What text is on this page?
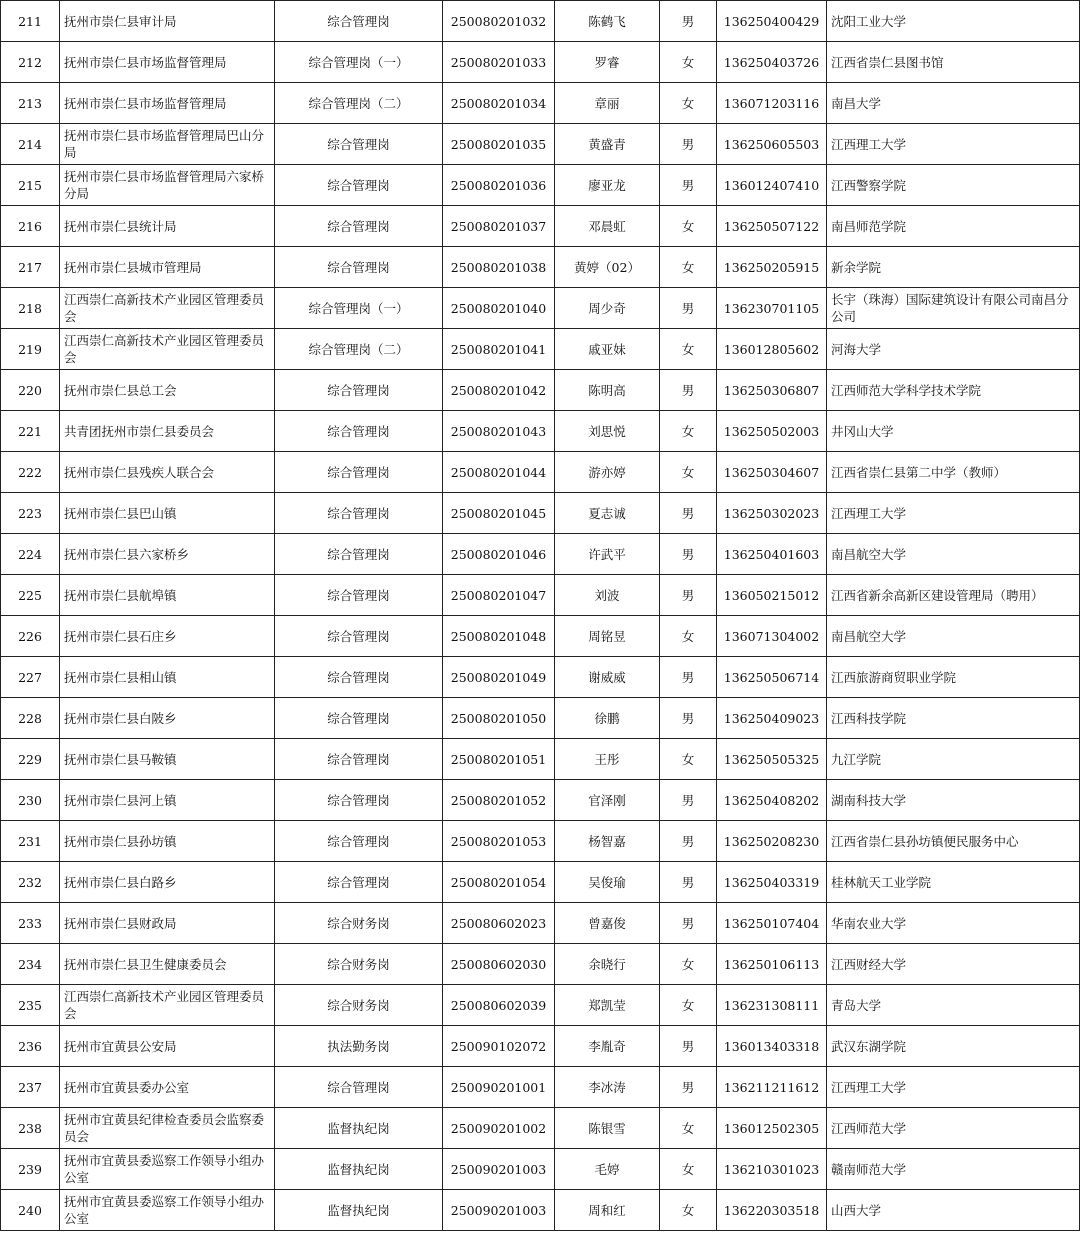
211	抚州市崇仁县审计局	综合管理岗	250080201032	陈鹤飞	男	136250400429	沈阳工业大学
212	抚州市崇仁县市场监督管理局	综合管理岗（一）	250080201033	罗睿	女	136250403726	江西省崇仁县图书馆
213	抚州市崇仁县市场监督管理局	综合管理岗（二）	250080201034	章丽	女	136071203116	南昌大学
214	抚州市崇仁县市场监督管理局巴山分局	综合管理岗	250080201035	黄盛青	男	136250605503	江西理工大学
215	抚州市崇仁县市场监督管理局六家桥分局	综合管理岗	250080201036	廖亚龙	男	136012407410	江西警察学院
216	抚州市崇仁县统计局	综合管理岗	250080201037	邓晨虹	女	136250507122	南昌师范学院
217	抚州市崇仁县城市管理局	综合管理岗	250080201038	黄婷（02）	女	136250205915	新余学院
218	江西崇仁高新技术产业园区管理委员会	综合管理岗（一）	250080201040	周少奇	男	136230701105	长宇（珠海）国际建筑设计有限公司南昌分公司
219	江西崇仁高新技术产业园区管理委员会	综合管理岗（二）	250080201041	戚亚妹	女	136012805602	河海大学
220	抚州市崇仁县总工会	综合管理岗	250080201042	陈明高	男	136250306807	江西师范大学科学技术学院
221	共青团抚州市崇仁县委员会	综合管理岗	250080201043	刘思悦	女	136250502003	井冈山大学
222	抚州市崇仁县残疾人联合会	综合管理岗	250080201044	游亦婷	女	136250304607	江西省崇仁县第二中学（教师）
223	抚州市崇仁县巴山镇	综合管理岗	250080201045	夏志诚	男	136250302023	江西理工大学
224	抚州市崇仁县六家桥乡	综合管理岗	250080201046	许武平	男	136250401603	南昌航空大学
225	抚州市崇仁县航埠镇	综合管理岗	250080201047	刘波	男	136050215012	江西省新余高新区建设管理局（聘用）
226	抚州市崇仁县石庄乡	综合管理岗	250080201048	周铭昱	女	136071304002	南昌航空大学
227	抚州市崇仁县相山镇	综合管理岗	250080201049	谢威威	男	136250506714	江西旅游商贸职业学院
228	抚州市崇仁县白陂乡	综合管理岗	250080201050	徐鹏	男	136250409023	江西科技学院
229	抚州市崇仁县马鞍镇	综合管理岗	250080201051	王彤	女	136250505325	九江学院
230	抚州市崇仁县河上镇	综合管理岗	250080201052	官泽刚	男	136250408202	湖南科技大学
231	抚州市崇仁县孙坊镇	综合管理岗	250080201053	杨智嘉	男	136250208230	江西省崇仁县孙坊镇便民服务中心
232	抚州市崇仁县白路乡	综合管理岗	250080201054	吴俊瑜	男	136250403319	桂林航天工业学院
233	抚州市崇仁县财政局	综合财务岗	250080602023	曾嘉俊	男	136250107404	华南农业大学
234	抚州市崇仁县卫生健康委员会	综合财务岗	250080602030	余晓行	女	136250106113	江西财经大学
235	江西崇仁高新技术产业园区管理委员会	综合财务岗	250080602039	郑凯莹	女	136231308111	青岛大学
236	抚州市宜黄县公安局	执法勤务岗	250090102072	李胤奇	男	136013403318	武汉东湖学院
237	抚州市宜黄县委办公室	综合管理岗	250090201001	李冰涛	男	136211211612	江西理工大学
238	抚州市宜黄县纪律检查委员会监察委员会	监督执纪岗	250090201002	陈银雪	女	136012502305	江西师范大学
239	抚州市宜黄县委巡察工作领导小组办公室	监督执纪岗	250090201003	毛婷	女	136210301023	赣南师范大学
240	抚州市宜黄县委巡察工作领导小组办公室	监督执纪岗	250090201003	周和红	女	136220303518	山西大学
